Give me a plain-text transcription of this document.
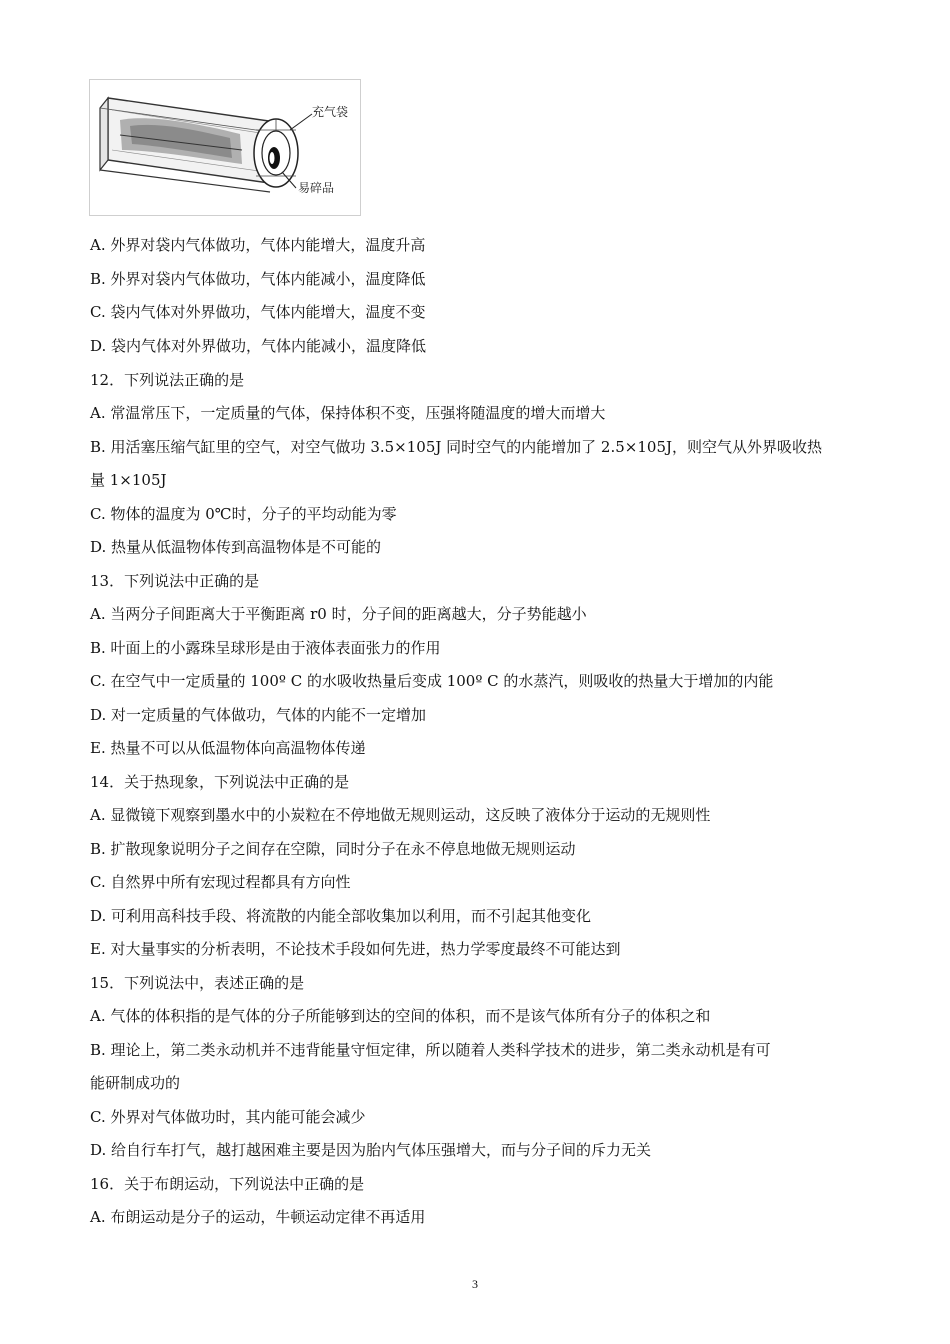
充气袋
易碎品
A. 外界对袋内气体做功，气体内能增大，温度升高
B. 外界对袋内气体做功，气体内能减小，温度降低
C. 袋内气体对外界做功，气体内能增大，温度不变
D. 袋内气体对外界做功，气体内能减小，温度降低
12．下列说法正确的是
A. 常温常压下，一定质量的气体，保持体积不变，压强将随温度的增大而增大
B. 用活塞压缩气缸里的空气，对空气做功 3.5×105J 同时空气的内能增加了 2.5×105J，则空气从外界吸收热
量 1×105J
C. 物体的温度为 0℃时，分子的平均动能为零
D. 热量从低温物体传到高温物体是不可能的
13．下列说法中正确的是
A. 当两分子间距离大于平衡距离 r0 时，分子间的距离越大，分子势能越小
B. 叶面上的小露珠呈球形是由于液体表面张力的作用
C. 在空气中一定质量的 100º C 的水吸收热量后变成 100º C 的水蒸汽，则吸收的热量大于增加的内能
D. 对一定质量的气体做功，气体的内能不一定增加
E. 热量不可以从低温物体向高温物体传递
14．关于热现象，下列说法中正确的是
A. 显微镜下观察到墨水中的小炭粒在不停地做无规则运动，这反映了液体分于运动的无规则性
B. 扩散现象说明分子之间存在空隙，同时分子在永不停息地做无规则运动
C. 自然界中所有宏现过程都具有方向性
D. 可利用高科技手段、将流散的内能全部收集加以利用，而不引起其他变化
E. 对大量事实的分析表明，不论技术手段如何先进，热力学零度最终不可能达到
15．下列说法中，表述正确的是
A. 气体的体积指的是气体的分子所能够到达的空间的体积，而不是该气体所有分子的体积之和
B. 理论上，第二类永动机并不违背能量守恒定律，所以随着人类科学技术的进步，第二类永动机是有可
能研制成功的
C. 外界对气体做功时，其内能可能会减少
D. 给自行车打气，越打越困难主要是因为胎内气体压强增大，而与分子间的斥力无关
16．关于布朗运动，下列说法中正确的是
A. 布朗运动是分子的运动，牛顿运动定律不再适用
3
